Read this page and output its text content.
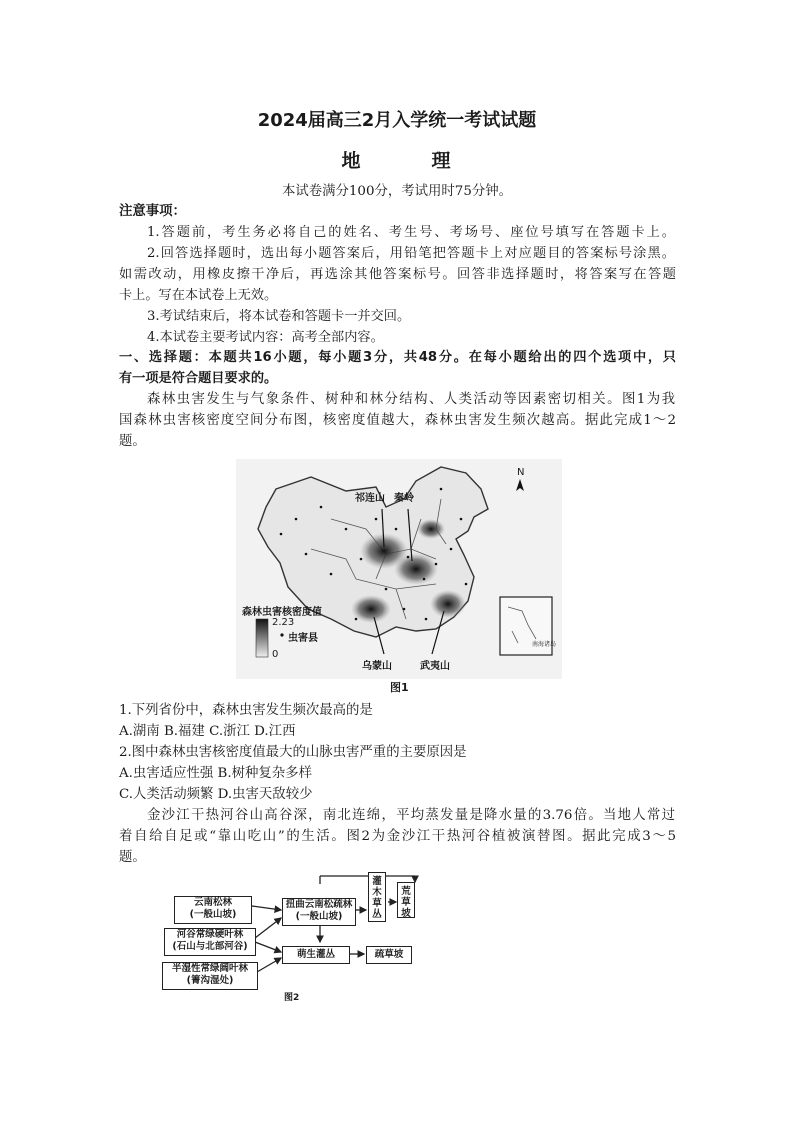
2024届高三2月入学统一考试试题
地	理
本试卷满分100分，考试用时75分钟。
注意事项：
1.答题前，考生务必将自己的姓名、考生号、考场号、座位号填写在答题卡上。
2.回答选择题时，选出每小题答案后，用铅笔把答题卡上对应题目的答案标号涂黑。
如需改动，用橡皮擦干净后，再选涂其他答案标号。回答非选择题时，将答案写在答题
卡上。写在本试卷上无效。
3.考试结束后，将本试卷和答题卡一并交回。
4.本试卷主要考试内容：高考全部内容。
一、选择题：本题共16小题，每小题3分，共48分。在每小题给出的四个选项中，只
有一项是符合题目要求的。
森林虫害发生与气象条件、树种和林分结构、人类活动等因素密切相关。图1为我
国森林虫害核密度空间分布图，核密度值越大，森林虫害发生频次越高。据此完成1～2
题。
祁连山 秦岭
乌蒙山	武夷山
森林虫害核密度值
2.23
0
虫害县
N
南海诸岛
图1
1.下列省份中，森林虫害发生频次最高的是
A.湖南 B.福建 C.浙江 D.江西
2.图中森林虫害核密度值最大的山脉虫害严重的主要原因是
A.虫害适应性强 B.树种复杂多样
C.人类活动频繁 D.虫害天敌较少
金沙江干热河谷山高谷深，南北连绵，平均蒸发量是降水量的3.76倍。当地人常过
着自给自足或“靠山吃山”的生活。图2为金沙江干热河谷植被演替图。据此完成3～5
题。
云南松林
(一般山坡)
河谷常绿硬叶林
(石山与北部河谷)
半湿性常绿阔叶林
(箐沟湿处)
扭曲云南松疏林
(一般山坡)
萌生灌丛
灌木草丛
荒草坡
疏草坡
图2
